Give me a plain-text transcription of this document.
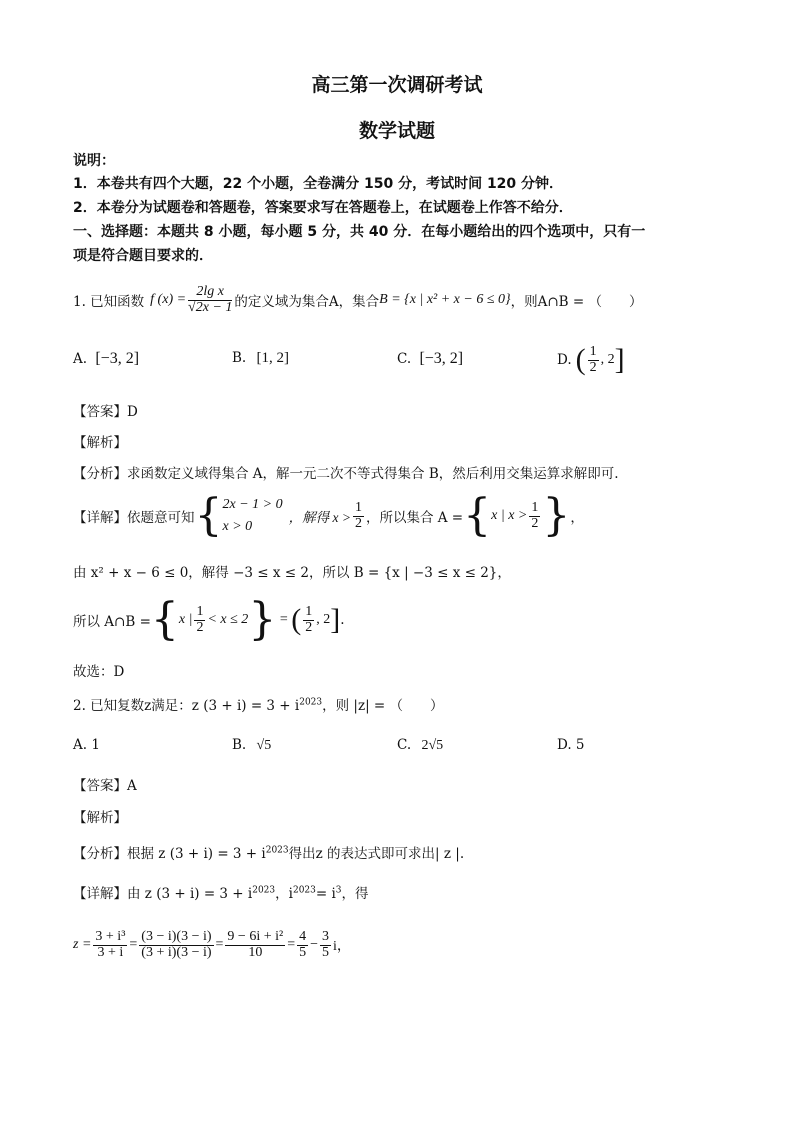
高三第一次调研考试
数学试题
说明：
1．本卷共有四个大题，22 个小题，全卷满分 150 分，考试时间 120 分钟．
2．本卷分为试题卷和答题卷，答案要求写在答题卷上，在试题卷上作答不给分．
一、选择题：本题共 8 小题，每小题 5 分，共 40 分．在每小题给出的四个选项中，只有一
项是符合题目要求的．
1. 已知函数 f $(x) = \frac{\text{2lg x}}{√2x - 1}$ 的定义域为集合A，集合 B = {x | x² + x − 6 ≤ 0} ，则A∩B = （　　）
A. [−3, 2]	B. [1, 2]	C. [−3, 2]	D. ( $\frac{1}{2}$ , 2 ]
【答案】D
【解析】
【分析】求函数定义域得集合 A，解一元二次不等式得集合 B，然后利用交集运算求解即可.
【详解】 依题意可知 { 2x − 1 > 0
x > 0
，解得 $x > \frac{1}{2}$ ，所以集合 A = { x | $x > \frac{1}{2}$ } ，
由 x² + x − 6 ≤ 0，解得 −3 ≤ x ≤ 2，所以 B = {x | −3 ≤ x ≤ 2}，
所以 A∩B = { x | $\frac{1}{2} < x \le 2$ } = ( $\frac{1}{2}$ , 2 ] .
故选：D
2. 已知复数z满足：z $(3 + i) = 3 + i^{2023}$，则 |z| = （　　）
A. 1	B. √5	C. 2√5	D. 5
【答案】A
【解析】
【分析】根据 z $(3 + i) = 3 + i^{2023}$得出z 的表达式即可求出| z |.
【详解】由 z $(3 + i) = 3 + i^{2023}$，$i^{2023}= i^3$，得
$z = \frac{\text{3 + i³}}{3 + i} = \frac{(3 - i)(3 - i)}{(3 + i)(3 - i)} = \frac{\text{9 − 6i + i²}}{10} = \frac{4}{5} - \frac{3}{5}$ i，
